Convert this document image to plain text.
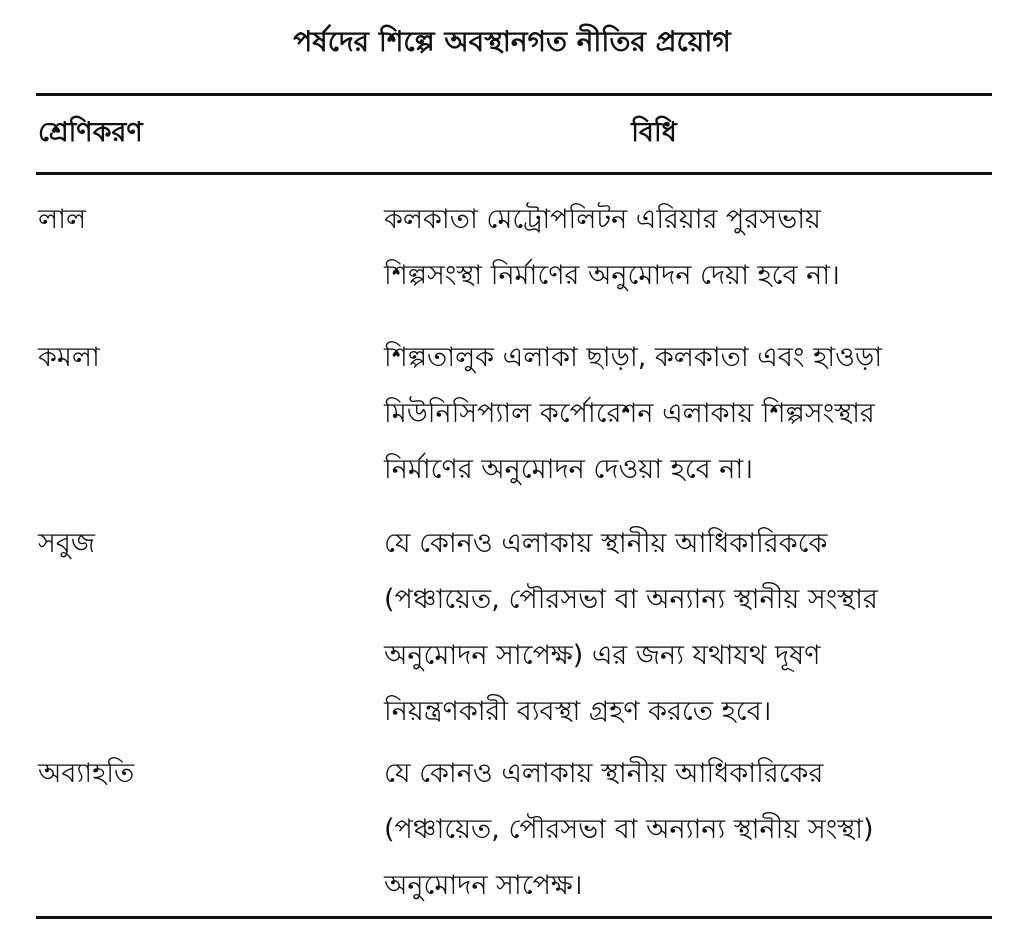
পর্ষদের শিল্পে অবস্থানগত নীতির প্রয়োগ
শ্রেণিকরণ	বিধি
লাল	কলকাতা মেট্রোপলিটন এরিয়ার পুরসভায়
শিল্পসংস্থা নির্মাণের অনুমোদন দেয়া হবে না।
কমলা	শিল্পতালুক এলাকা ছাড়া, কলকাতা এবং হাওড়া
মিউনিসিপ্যাল কর্পোরেশন এলাকায় শিল্পসংস্থার
নির্মাণের অনুমোদন দেওয়া হবে না।
সবুজ	যে কোনও এলাকায় স্থানীয় আধিকারিককে
(পঞ্চায়েত, পৌরসভা বা অন্যান্য স্থানীয় সংস্থার
অনুমোদন সাপেক্ষ) এর জন্য যথাযথ দূষণ
নিয়ন্ত্রণকারী ব্যবস্থা গ্রহণ করতে হবে।
অব্যাহতি	যে কোনও এলাকায় স্থানীয় আধিকারিকের
(পঞ্চায়েত, পৌরসভা বা অন্যান্য স্থানীয় সংস্থা)
অনুমোদন সাপেক্ষ।
